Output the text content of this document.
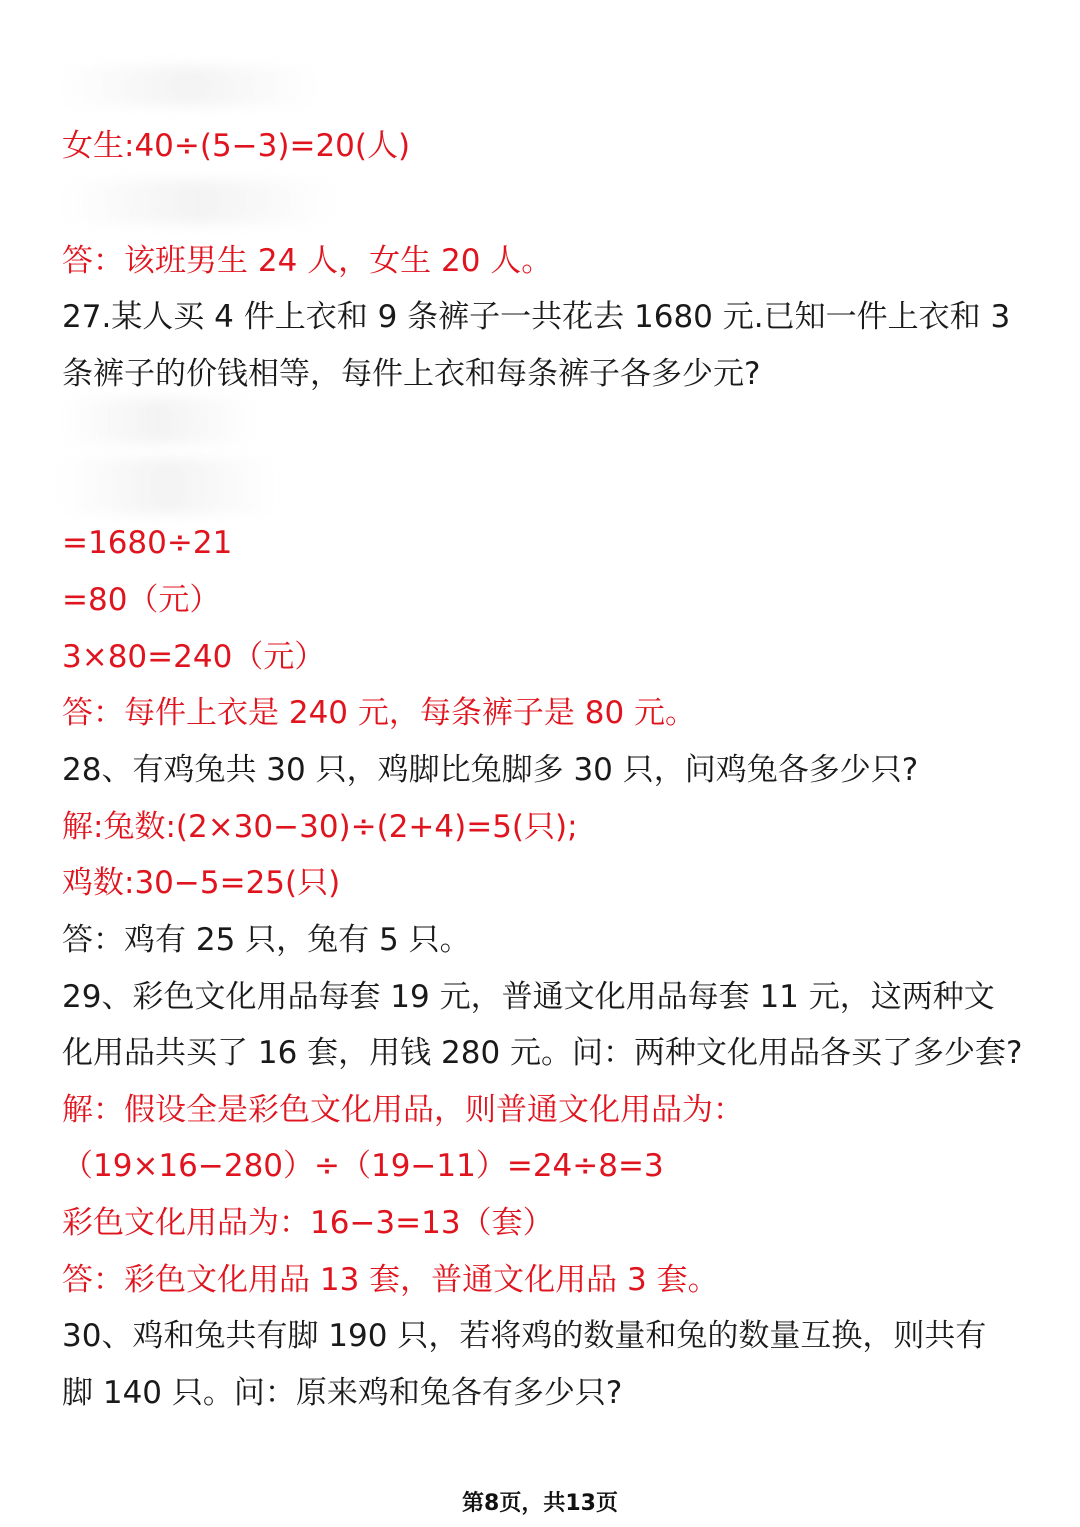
女生:40÷(5−3)=20(人)
答：该班男生 24 人，女生 20 人。
27.某人买 4 件上衣和 9 条裤子一共花去 1680 元.已知一件上衣和 3
条裤子的价钱相等，每件上衣和每条裤子各多少元?
=1680÷21
=80（元）
3×80=240（元）
答：每件上衣是 240 元，每条裤子是 80 元。
28、有鸡兔共 30 只，鸡脚比兔脚多 30 只，问鸡兔各多少只?
解:兔数:(2×30−30)÷(2+4)=5(只);
鸡数:30−5=25(只)
答：鸡有 25 只，兔有 5 只。
29、彩色文化用品每套 19 元，普通文化用品每套 11 元，这两种文
化用品共买了 16 套，用钱 280 元。问：两种文化用品各买了多少套?
解：假设全是彩色文化用品，则普通文化用品为：
（19×16−280）÷（19−11）=24÷8=3
彩色文化用品为：16−3=13（套）
答：彩色文化用品 13 套，普通文化用品 3 套。
30、鸡和兔共有脚 190 只，若将鸡的数量和兔的数量互换，则共有
脚 140 只。问：原来鸡和兔各有多少只?
第8页，共13页
